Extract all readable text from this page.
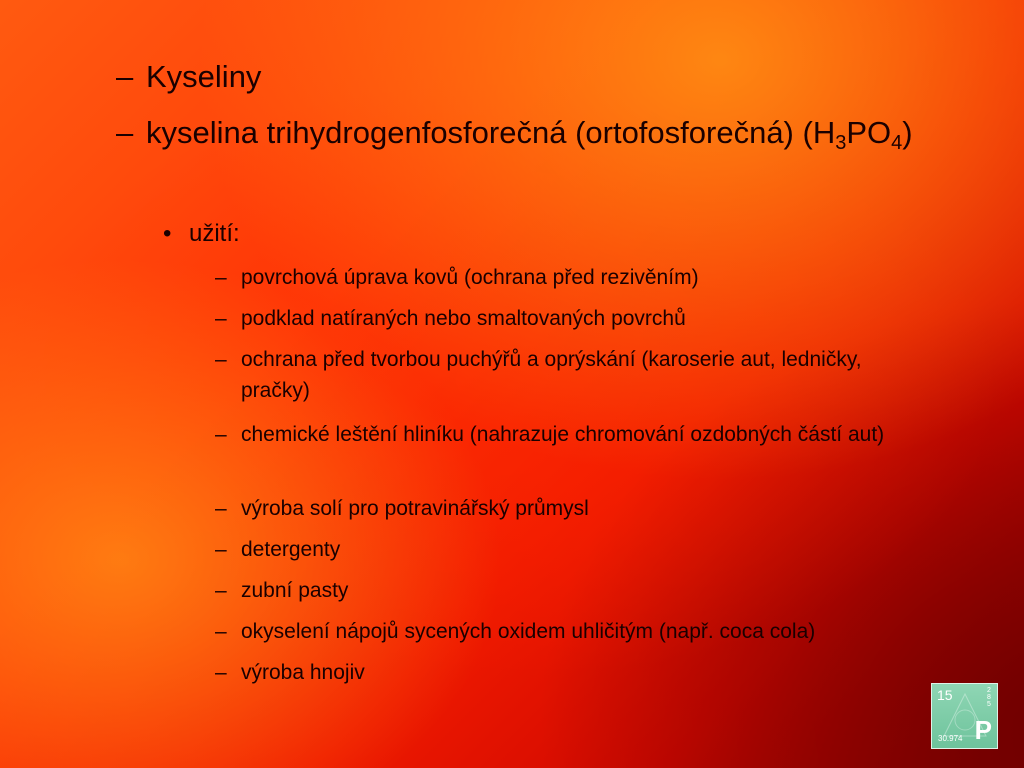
– Kyseliny
– kyselina trihydrogenfosforečná (ortofosforečná) $(H_3PO_4)$
• užití:
– povrchová úprava kovů (ochrana před rezivěním)
– podklad natíraných nebo smaltovaných povrchů
– ochrana před tvorbou puchýřů a oprýskání (karoserie aut, ledničky, pračky)
– chemické leštění hliníku (nahrazuje chromování ozdobných částí aut)
– výroba solí pro potravinářský průmysl
– detergenty
– zubní pasty
– okyselení nápojů sycených oxidem uhličitým (např. coca cola)
– výroba hnojiv
15	2
8
5
30.974 P
